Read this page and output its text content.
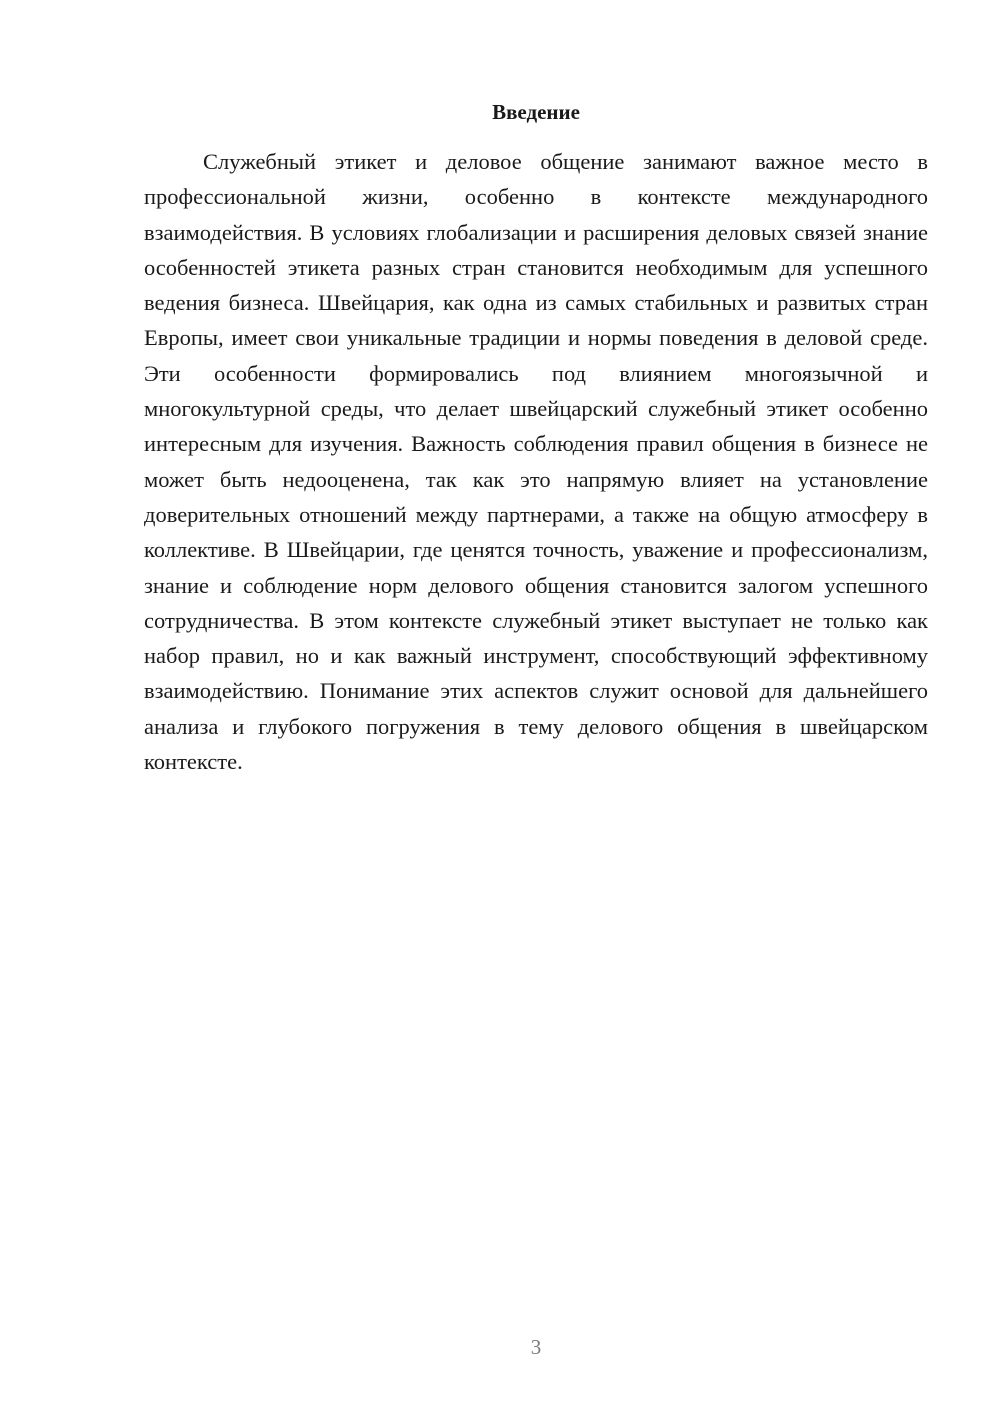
Введение

Служебный этикет и деловое общение занимают важное место в профессиональной жизни, особенно в контексте международного взаимодействия. В условиях глобализации и расширения деловых связей знание особенностей этикета разных стран становится необходимым для успешного ведения бизнеса. Швейцария, как одна из самых стабильных и развитых стран Европы, имеет свои уникальные традиции и нормы поведения в деловой среде. Эти особенности формировались под влиянием многоязычной и многокультурной среды, что делает швейцарский служебный этикет особенно интересным для изучения. Важность соблюдения правил общения в бизнесе не может быть недооценена, так как это напрямую влияет на установление доверительных отношений между партнерами, а также на общую атмосферу в коллективе. В Швейцарии, где ценятся точность, уважение и профессионализм, знание и соблюдение норм делового общения становится залогом успешного сотрудничества. В этом контексте служебный этикет выступает не только как набор правил, но и как важный инструмент, способствующий эффективному взаимодействию. Понимание этих аспектов служит основой для дальнейшего анализа и глубокого погружения в тему делового общения в швейцарском контексте.

3
